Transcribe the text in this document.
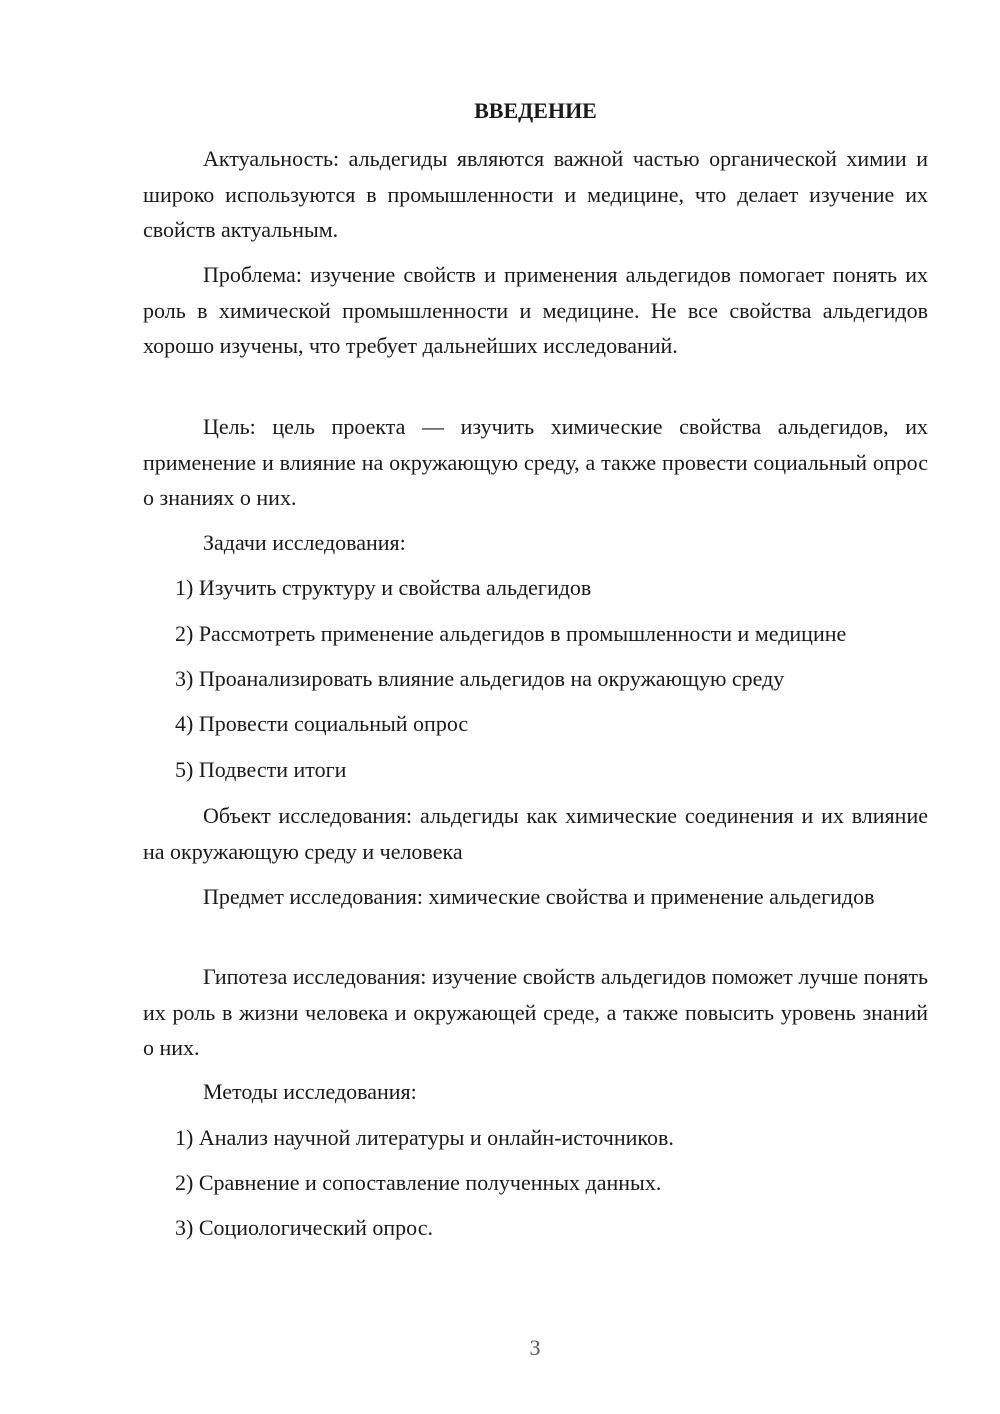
ВВЕДЕНИЕ

Актуальность: альдегиды являются важной частью органической химии и широко используются в промышленности и медицине, что делает изучение их свойств актуальным.

Проблема: изучение свойств и применения альдегидов помогает понять их роль в химической промышленности и медицине. Не все свойства альдегидов хорошо изучены, что требует дальнейших исследований.

Цель: цель проекта — изучить химические свойства альдегидов, их применение и влияние на окружающую среду, а также провести социальный опрос о знаниях о них.

Задачи исследования:

1) Изучить структуру и свойства альдегидов

2) Рассмотреть применение альдегидов в промышленности и медицине

3) Проанализировать влияние альдегидов на окружающую среду

4) Провести социальный опрос

5) Подвести итоги

Объект исследования: альдегиды как химические соединения и их влияние на окружающую среду и человека

Предмет исследования: химические свойства и применение альдегидов

Гипотеза исследования: изучение свойств альдегидов поможет лучше понять их роль в жизни человека и окружающей среде, а также повысить уровень знаний о них.

Методы исследования:

1) Анализ научной литературы и онлайн-источников.

2) Сравнение и сопоставление полученных данных.

3) Социологический опрос.

3
